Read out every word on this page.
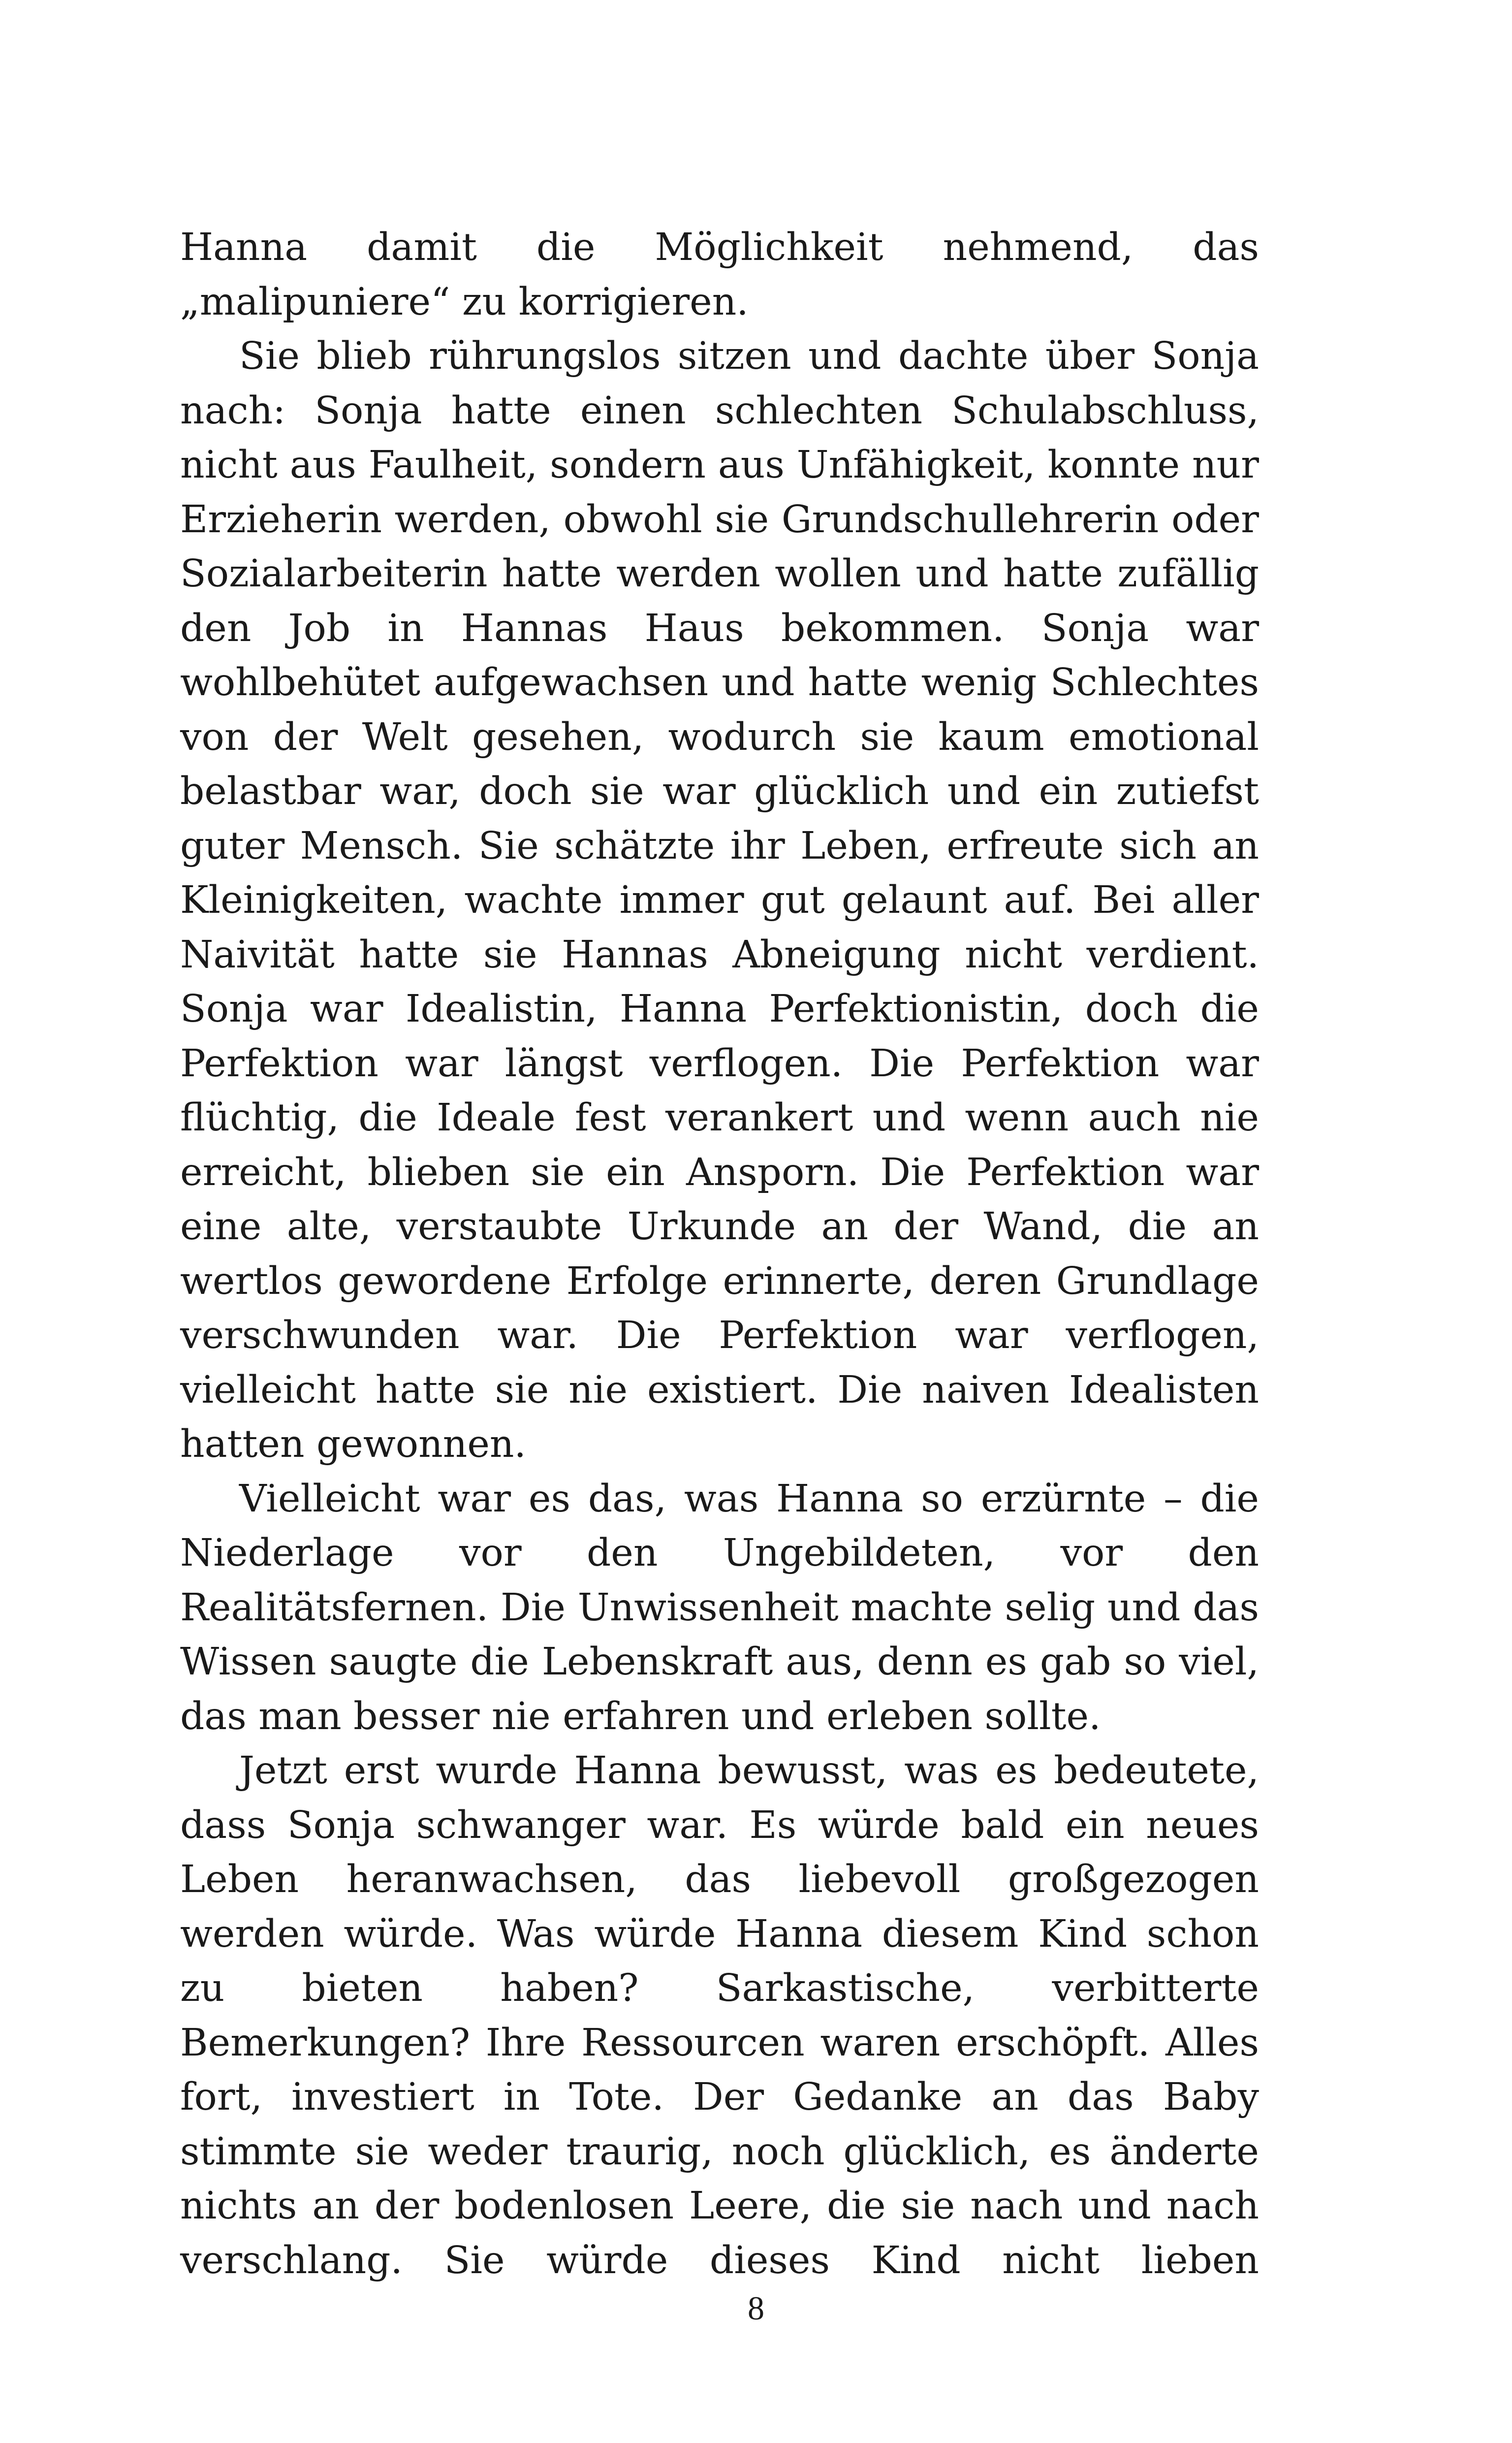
Hanna damit die Möglichkeit nehmend, das „malipuniere“ zu korrigieren.

Sie blieb rührungslos sitzen und dachte über Sonja nach: Sonja hatte einen schlechten Schulabschluss, nicht aus Faulheit, sondern aus Unfähigkeit, konnte nur Erzieherin werden, obwohl sie Grundschullehrerin oder Sozialarbeiterin hatte werden wollen und hatte zufällig den Job in Hannas Haus bekommen. Sonja war wohlbehütet aufgewachsen und hatte wenig Schlechtes von der Welt gesehen, wodurch sie kaum emotional belastbar war, doch sie war glücklich und ein zutiefst guter Mensch. Sie schätzte ihr Leben, erfreute sich an Kleinigkeiten, wachte immer gut gelaunt auf. Bei aller Naivität hatte sie Hannas Abneigung nicht verdient. Sonja war Idealistin, Hanna Perfektionistin, doch die Perfektion war längst verflogen. Die Perfektion war flüchtig, die Ideale fest verankert und wenn auch nie erreicht, blieben sie ein Ansporn. Die Perfektion war eine alte, verstaubte Urkunde an der Wand, die an wertlos gewordene Erfolge erinnerte, deren Grundlage verschwunden war. Die Perfektion war verflogen, vielleicht hatte sie nie existiert. Die naiven Idealisten hatten gewonnen.

Vielleicht war es das, was Hanna so erzürnte – die Niederlage vor den Ungebildeten, vor den Realitätsfernen. Die Unwissenheit machte selig und das Wissen saugte die Lebenskraft aus, denn es gab so viel, das man besser nie erfahren und erleben sollte.

Jetzt erst wurde Hanna bewusst, was es bedeutete, dass Sonja schwanger war. Es würde bald ein neues Leben heranwachsen, das liebevoll großgezogen werden würde. Was würde Hanna diesem Kind schon zu bieten haben? Sarkastische, verbitterte Bemerkungen? Ihre Ressourcen waren erschöpft. Alles fort, investiert in Tote. Der Gedanke an das Baby stimmte sie weder traurig, noch glücklich, es änderte nichts an der bodenlosen Leere, die sie nach und nach verschlang. Sie würde dieses Kind nicht lieben

8
